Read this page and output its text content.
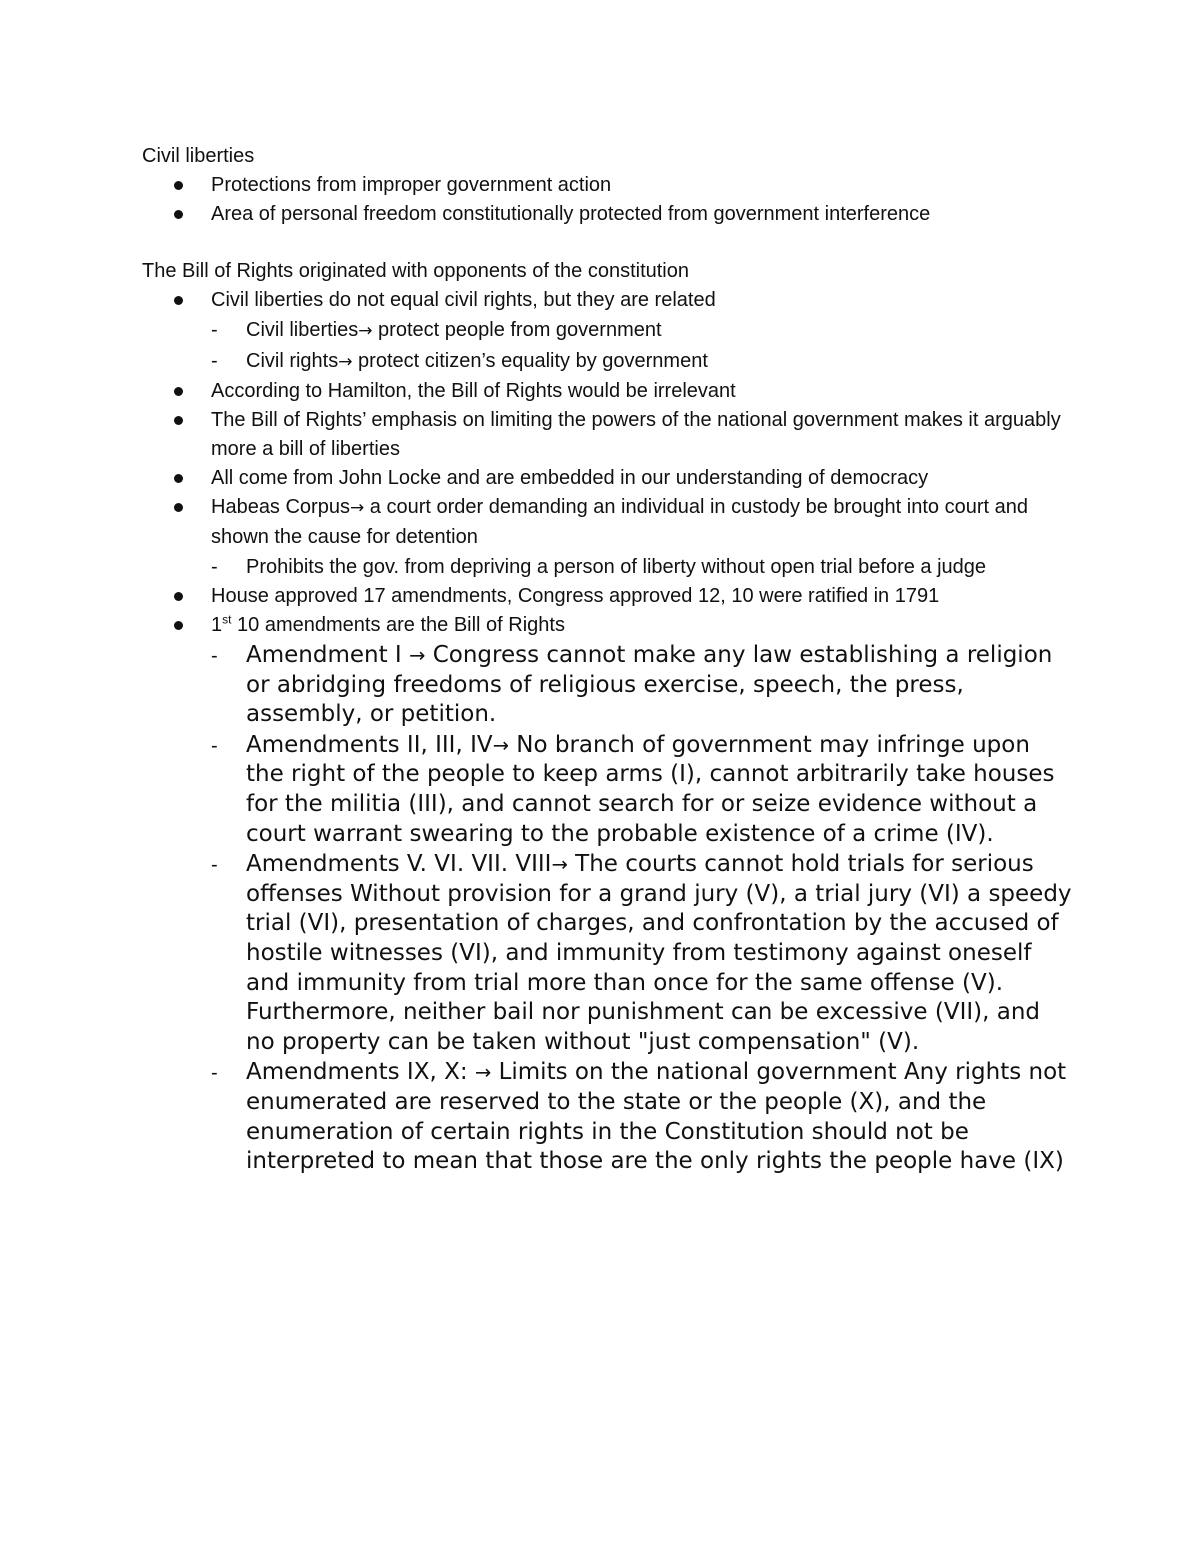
Civil liberties

Protections from improper government action
Area of personal freedom constitutionally protected from government interference

The Bill of Rights originated with opponents of the constitution

Civil liberties do not equal civil rights, but they are related
- Civil liberties→ protect people from government
- Civil rights→ protect citizen’s equality by government
According to Hamilton, the Bill of Rights would be irrelevant
The Bill of Rights’ emphasis on limiting the powers of the national government makes it arguably more a bill of liberties
All come from John Locke and are embedded in our understanding of democracy
Habeas Corpus→ a court order demanding an individual in custody be brought into court and shown the cause for detention
- Prohibits the gov. from depriving a person of liberty without open trial before a judge
House approved 17 amendments, Congress approved 12, 10 were ratified in 1791
1st 10 amendments are the Bill of Rights
- Amendment I → Congress cannot make any law establishing a religion or abridging freedoms of religious exercise, speech, the press, assembly, or petition.
- Amendments II, III, IV→ No branch of government may infringe upon the right of the people to keep arms (I), cannot arbitrarily take houses for the militia (III), and cannot search for or seize evidence without a court warrant swearing to the probable existence of a crime (IV).
- Amendments V. VI. VII. VIII→ The courts cannot hold trials for serious offenses Without provision for a grand jury (V), a trial jury (VI) a speedy trial (VI), presentation of charges, and confrontation by the accused of hostile witnesses (VI), and immunity from testimony against oneself and immunity from trial more than once for the same offense (V). Furthermore, neither bail nor punishment can be excessive (VII), and no property can be taken without "just compensation" (V).
- Amendments IX, X: → Limits on the national government Any rights not enumerated are reserved to the state or the people (X), and the enumeration of certain rights in the Constitution should not be interpreted to mean that those are the only rights the people have (IX)
